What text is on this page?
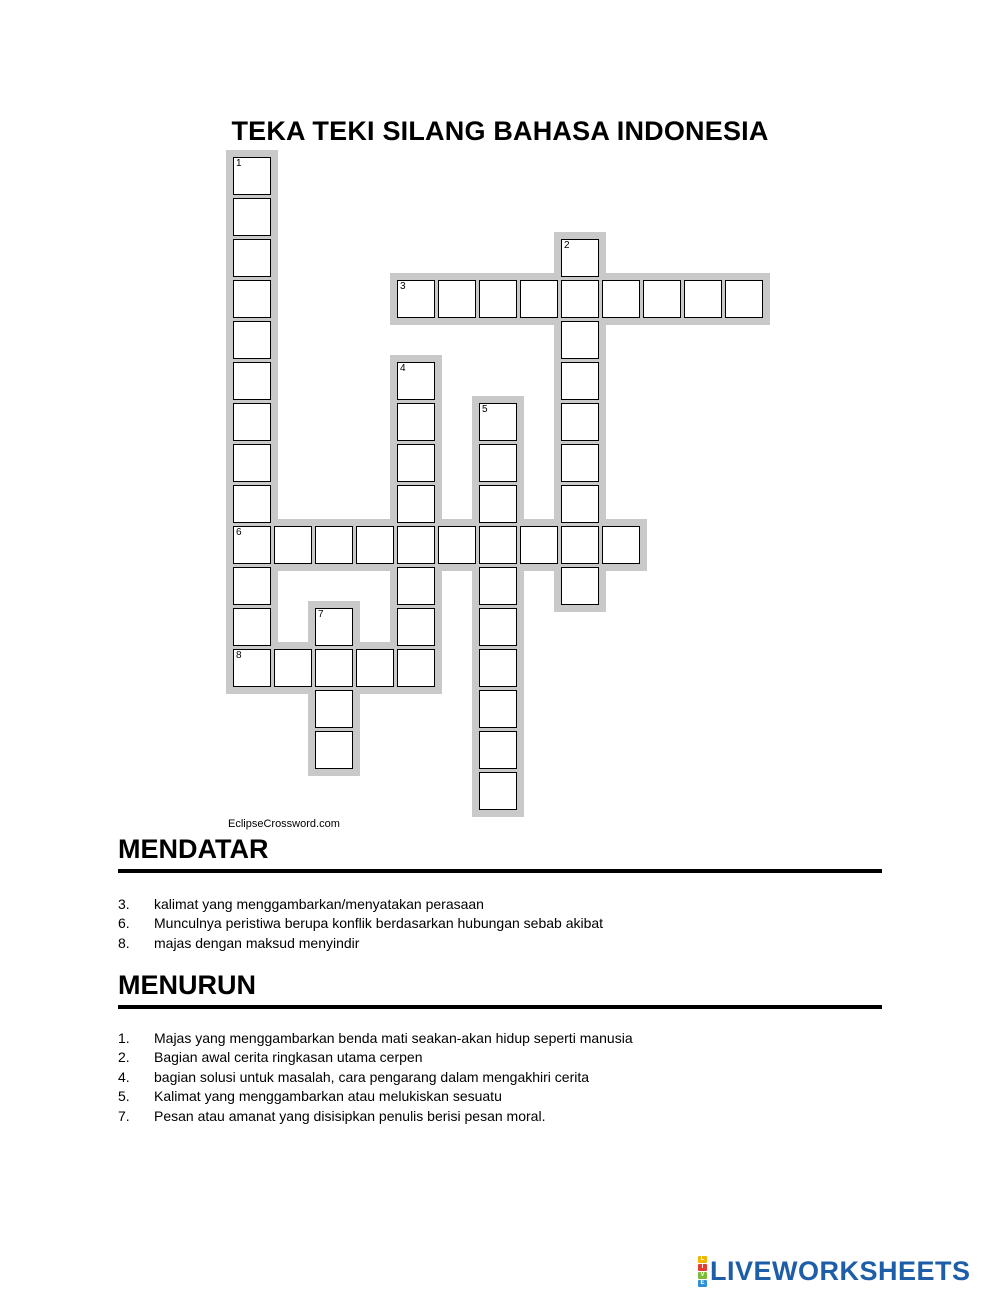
TEKA TEKI SILANG BAHASA INDONESIA
1
6
8
2
3
4
5
7
EclipseCrossword.com
MENDATAR
3.	kalimat yang menggambarkan/menyatakan perasaan
6.	Munculnya peristiwa berupa konflik berdasarkan hubungan sebab akibat
8.	majas dengan maksud menyindir
MENURUN
1.	Majas yang menggambarkan benda mati seakan-akan hidup seperti manusia
2.	Bagian awal cerita ringkasan utama cerpen
4.	bagian solusi untuk masalah, cara pengarang dalam mengakhiri cerita
5.	Kalimat yang menggambarkan atau melukiskan sesuatu
7.	Pesan atau amanat yang disisipkan penulis berisi pesan moral.
L
I
V
E LIVEWORKSHEETS
